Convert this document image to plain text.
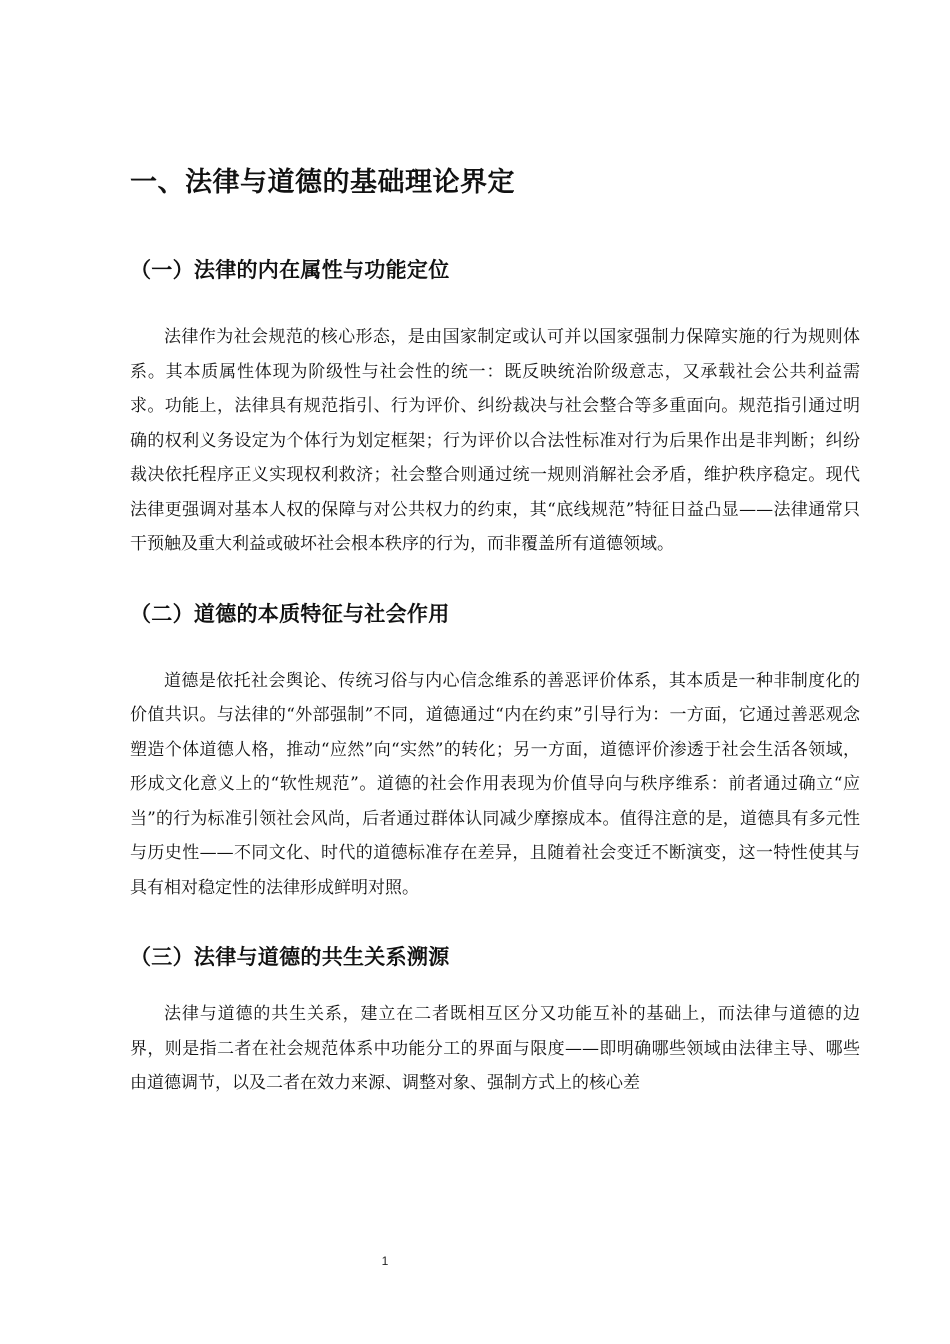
一、法律与道德的基础理论界定
（一）法律的内在属性与功能定位

法律作为社会规范的核心形态，是由国家制定或认可并以国家强制力保障实施的行为规则体系。其本质属性体现为阶级性与社会性的统一：既反映统治阶级意志，又承载社会公共利益需求。功能上，法律具有规范指引、行为评价、纠纷裁决与社会整合等多重面向。规范指引通过明确的权利义务设定为个体行为划定框架；行为评价以合法性标准对行为后果作出是非判断；纠纷裁决依托程序正义实现权利救济；社会整合则通过统一规则消解社会矛盾，维护秩序稳定。现代法律更强调对基本人权的保障与对公共权力的约束，其“底线规范”特征日益凸显——法律通常只干预触及重大利益或破坏社会根本秩序的行为，而非覆盖所有道德领域。

（二）道德的本质特征与社会作用

道德是依托社会舆论、传统习俗与内心信念维系的善恶评价体系，其本质是一种非制度化的价值共识。与法律的“外部强制”不同，道德通过“内在约束”引导行为：一方面，它通过善恶观念塑造个体道德人格，推动“应然”向“实然”的转化；另一方面，道德评价渗透于社会生活各领域，形成文化意义上的“软性规范”。道德的社会作用表现为价值导向与秩序维系：前者通过确立“应当”的行为标准引领社会风尚，后者通过群体认同减少摩擦成本。值得注意的是，道德具有多元性与历史性——不同文化、时代的道德标准存在差异，且随着社会变迁不断演变，这一特性使其与具有相对稳定性的法律形成鲜明对照。

（三）法律与道德的共生关系溯源

法律与道德的共生关系，建立在二者既相互区分又功能互补的基础上，而法律与道德的边界，则是指二者在社会规范体系中功能分工的界面与限度——即明确哪些领域由法律主导、哪些由道德调节，以及二者在效力来源、调整对象、强制方式上的核心差

1
